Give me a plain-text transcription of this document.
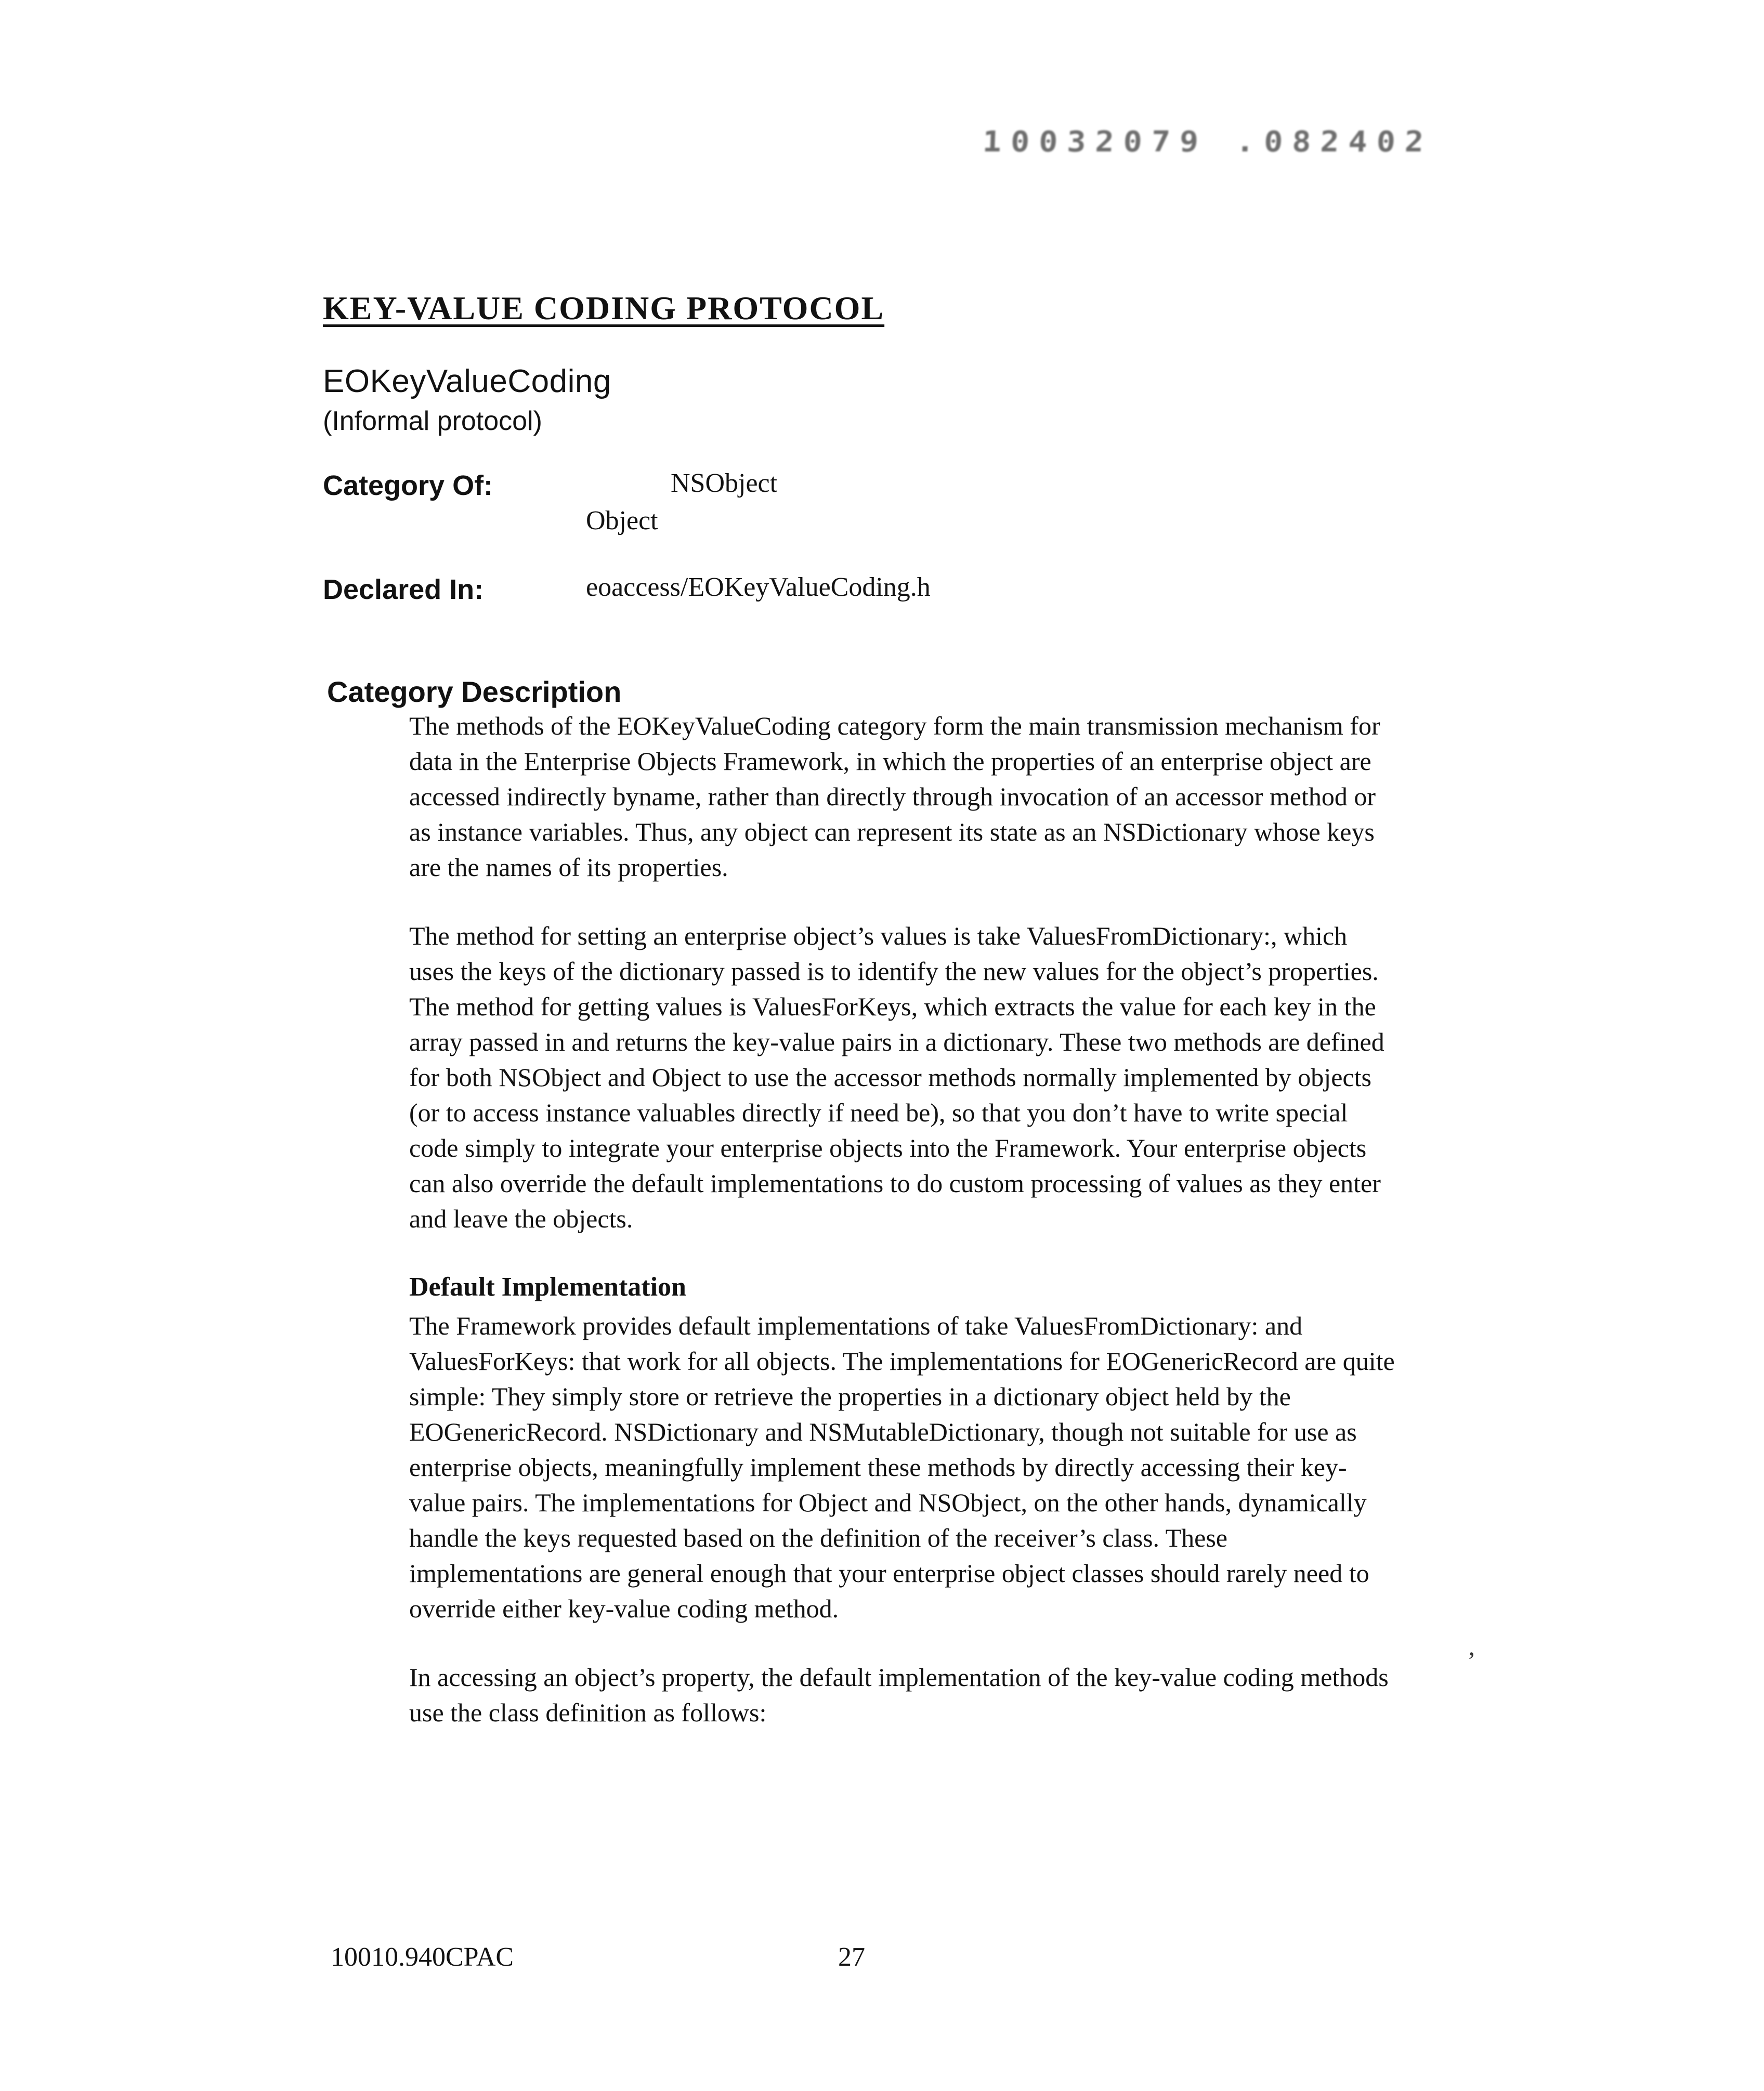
10032079 .082402
KEY-VALUE CODING PROTOCOL
EOKeyValueCoding
(Informal protocol)
Category Of:	NSObject
Object
Declared In:	eoaccess/EOKeyValueCoding.h
Category Description

The methods of the EOKeyValueCoding category form the main transmission mechanism for data in the Enterprise Objects Framework, in which the properties of an enterprise object are accessed indirectly byname, rather than directly through invocation of an accessor method or as instance variables. Thus, any object can represent its state as an NSDictionary whose keys are the names of its properties.

The method for setting an enterprise object’s values is take ValuesFromDictionary:, which uses the keys of the dictionary passed is to identify the new values for the object’s properties. The method for getting values is ValuesForKeys, which extracts the value for each key in the array passed in and returns the key-value pairs in a dictionary. These two methods are defined for both NSObject and Object to use the accessor methods normally implemented by objects (or to access instance valuables directly if need be), so that you don’t have to write special code simply to integrate your enterprise objects into the Framework. Your enterprise objects can also override the default implementations to do custom processing of values as they enter and leave the objects.

Default Implementation

The Framework provides default implementations of take ValuesFromDictionary: and ValuesForKeys: that work for all objects. The implementations for EOGenericRecord are quite simple: They simply store or retrieve the properties in a dictionary object held by the EOGenericRecord. NSDictionary and NSMutableDictionary, though not suitable for use as enterprise objects, meaningfully implement these methods by directly accessing their key-value pairs. The implementations for Object and NSObject, on the other hands, dynamically handle the keys requested based on the definition of the receiver’s class. These implementations are general enough that your enterprise object classes should rarely need to override either key-value coding method.

In accessing an object’s property, the default implementation of the key-value coding methods use the class definition as follows:

’
10010.940CPAC	27
